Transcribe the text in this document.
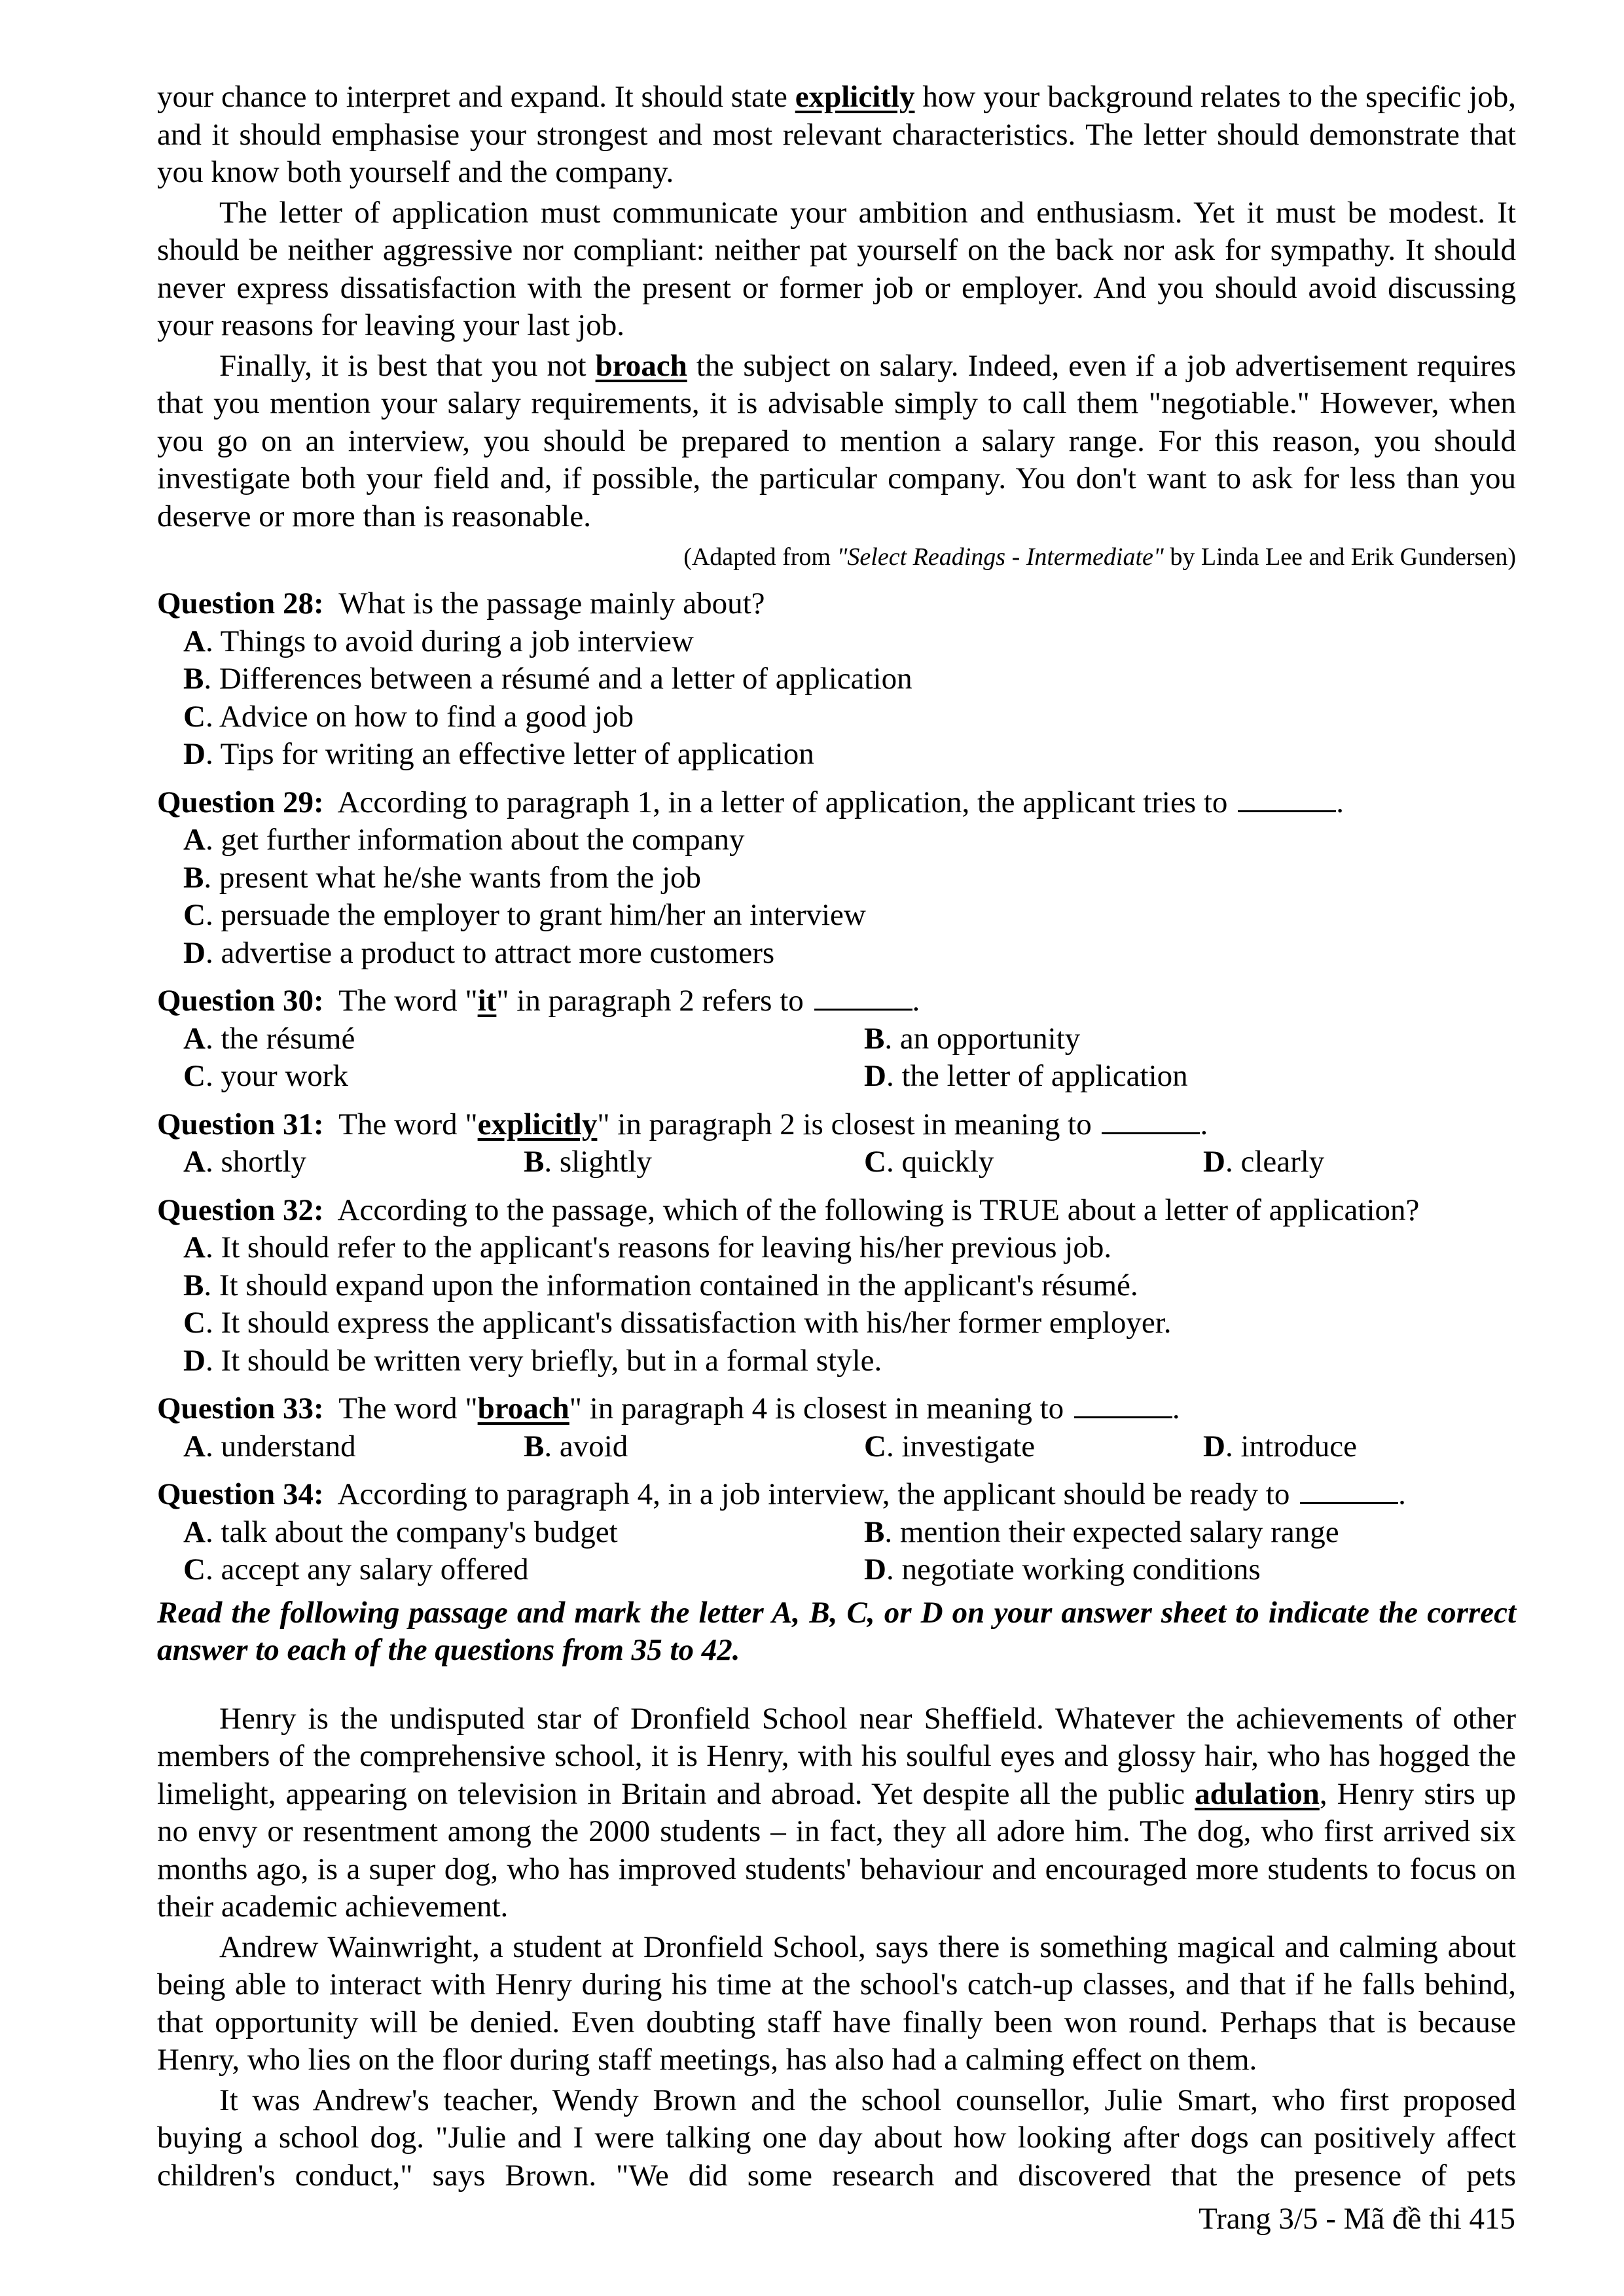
your chance to interpret and expand. It should state explicitly how your background relates to the specific job, and it should emphasise your strongest and most relevant characteristics. The letter should demonstrate that you know both yourself and the company.

The letter of application must communicate your ambition and enthusiasm. Yet it must be modest. It should be neither aggressive nor compliant: neither pat yourself on the back nor ask for sympathy. It should never express dissatisfaction with the present or former job or employer. And you should avoid discussing your reasons for leaving your last job.

Finally, it is best that you not broach the subject on salary. Indeed, even if a job advertisement requires that you mention your salary requirements, it is advisable simply to call them "negotiable." However, when you go on an interview, you should be prepared to mention a salary range. For this reason, you should investigate both your field and, if possible, the particular company. You don't want to ask for less than you deserve or more than is reasonable.

(Adapted from "Select Readings - Intermediate" by Linda Lee and Erik Gundersen)
Question 28: What is the passage mainly about?
A. Things to avoid during a job interview
B. Differences between a résumé and a letter of application
C. Advice on how to find a good job
D. Tips for writing an effective letter of application
Question 29: According to paragraph 1, in a letter of application, the applicant tries to	.
A. get further information about the company
B. present what he/she wants from the job
C. persuade the employer to grant him/her an interview
D. advertise a product to attract more customers
Question 30: The word "it" in paragraph 2 refers to	.
A. the résumé	B. an opportunity
C. your work	D. the letter of application
Question 31: The word "explicitly" in paragraph 2 is closest in meaning to	.
A. shortly	B. slightly	C. quickly	D. clearly
Question 32: According to the passage, which of the following is TRUE about a letter of application?
A. It should refer to the applicant's reasons for leaving his/her previous job.
B. It should expand upon the information contained in the applicant's résumé.
C. It should express the applicant's dissatisfaction with his/her former employer.
D. It should be written very briefly, but in a formal style.
Question 33: The word "broach" in paragraph 4 is closest in meaning to	.
A. understand	B. avoid	C. investigate	D. introduce
Question 34: According to paragraph 4, in a job interview, the applicant should be ready to	.
A. talk about the company's budget	B. mention their expected salary range
C. accept any salary offered	D. negotiate working conditions

Read the following passage and mark the letter A, B, C, or D on your answer sheet to indicate the correct answer to each of the questions from 35 to 42.

Henry is the undisputed star of Dronfield School near Sheffield. Whatever the achievements of other members of the comprehensive school, it is Henry, with his soulful eyes and glossy hair, who has hogged the limelight, appearing on television in Britain and abroad. Yet despite all the public adulation, Henry stirs up no envy or resentment among the 2000 students – in fact, they all adore him. The dog, who first arrived six months ago, is a super dog, who has improved students' behaviour and encouraged more students to focus on their academic achievement.

Andrew Wainwright, a student at Dronfield School, says there is something magical and calming about being able to interact with Henry during his time at the school's catch-up classes, and that if he falls behind, that opportunity will be denied. Even doubting staff have finally been won round. Perhaps that is because Henry, who lies on the floor during staff meetings, has also had a calming effect on them.

It was Andrew's teacher, Wendy Brown and the school counsellor, Julie Smart, who first proposed buying a school dog. "Julie and I were talking one day about how looking after dogs can positively affect children's conduct," says Brown. "We did some research and discovered that the presence of pets

Trang 3/5 - Mã đề thi 415
